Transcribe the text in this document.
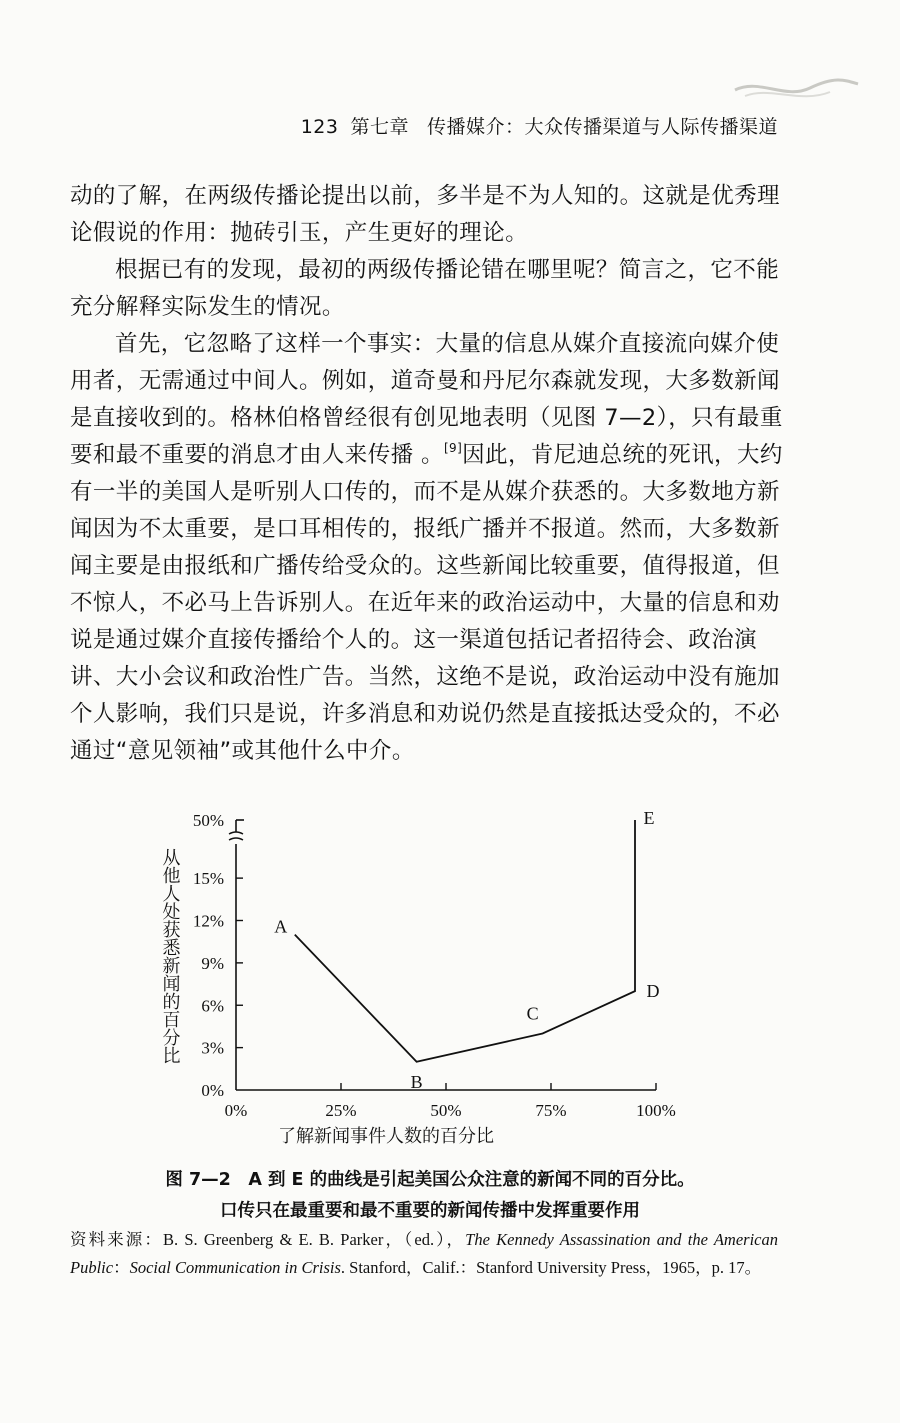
123 第七章 传播媒介：大众传播渠道与人际传播渠道
动的了解，在两级传播论提出以前，多半是不为人知的。这就是优秀理
论假说的作用：抛砖引玉，产生更好的理论。
根据已有的发现，最初的两级传播论错在哪里呢？简言之，它不能
充分解释实际发生的情况。
首先，它忽略了这样一个事实：大量的信息从媒介直接流向媒介使
用者，无需通过中间人。例如，道奇曼和丹尼尔森就发现，大多数新闻
是直接收到的。格林伯格曾经很有创见地表明（见图 7—2），只有最重
要和最不重要的消息才由人来传播 。[9]因此，肯尼迪总统的死讯，大约
有一半的美国人是听别人口传的，而不是从媒介获悉的。大多数地方新
闻因为不太重要，是口耳相传的，报纸广播并不报道。然而，大多数新
闻主要是由报纸和广播传给受众的。这些新闻比较重要，值得报道，但
不惊人，不必马上告诉别人。在近年来的政治运动中，大量的信息和劝
说是通过媒介直接传播给个人的。这一渠道包括记者招待会、政治演
讲、大小会议和政治性广告。当然，这绝不是说，政治运动中没有施加
个人影响，我们只是说，许多消息和劝说仍然是直接抵达受众的，不必
通过“意见领袖”或其他什么中介。
0%	25%	50%	75%	100%
0%
3%
6%
9%
12%
15%
50%
从他人处获悉新闻的百分比
了解新闻事件人数的百分比
A
B
C
D
E
图 7—2　A 到 E 的曲线是引起美国公众注意的新闻不同的百分比。
口传只在最重要和最不重要的新闻传播中发挥重要作用
资料来源：B. S. Greenberg & E. B. Parker，（ed.），The Kennedy Assassination and the American Public：Social Communication in Crisis. Stanford，Calif.：Stanford University Press，1965，p. 17。
